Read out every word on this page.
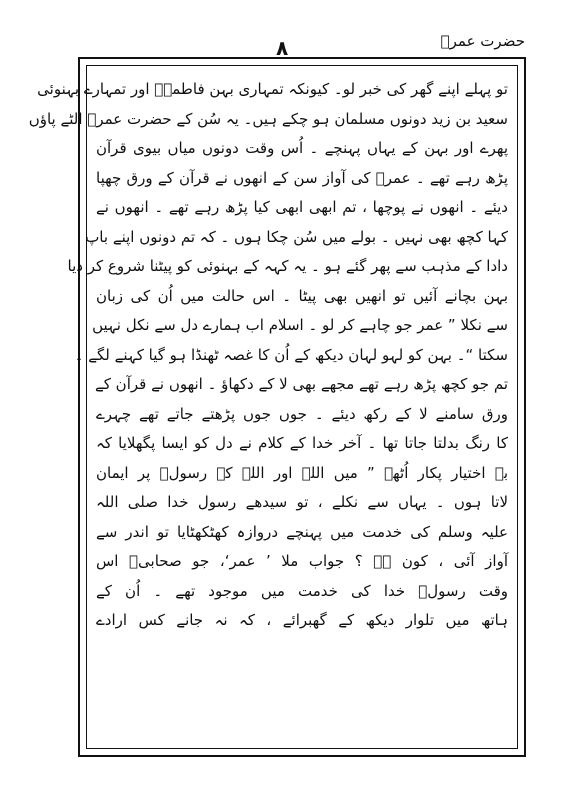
۸	حضرت عمرؓ
تو پہلے اپنے گھر کی خبر لو۔ کیونکہ تمہاری بہن فاطمہؓ اور تمہارے بہنوئی
سعید بن زید دونوں مسلمان ہو چکے ہیں۔ یہ سُن کے حضرت عمرؓ الٹے پاؤں
پھرے اور بہن کے یہاں پہنچے ۔ اُس وقت دونوں میاں بیوی قرآن
پڑھ رہے تھے ۔ عمرؓ کی آواز سن کے انھوں نے قرآن کے ورق چھپا
دیئے ۔ انھوں نے پوچھا ، تم ابھی ابھی کیا پڑھ رہے تھے ۔ انھوں نے
کہا کچھ بھی نہیں ۔ بولے میں سُن چکا ہوں ۔ کہ تم دونوں اپنے باپ
دادا کے مذہب سے پھر گئے ہو ۔ یہ کہہ کے بہنوئی کو پیٹنا شروع کر دیا
بہن بچانے آئیں تو انھیں بھی پیٹا ۔ اس حالت میں اُن کی زبان
سے نکلا ” عمر جو چاہے کر لو ۔ اسلام اب ہمارے دل سے نکل نہیں
سکتا “۔ بہن کو لہو لہان دیکھ کے اُن کا غصہ ٹھنڈا ہو گیا کہنے لگے ۔
تم جو کچھ پڑھ رہے تھے مجھے بھی لا کے دکھاؤ ۔ انھوں نے قرآن کے
ورق سامنے لا کے رکھ دیئے ۔ جوں جوں پڑھتے جاتے تھے چہرے
کا رنگ بدلتا جاتا تھا ۔ آخر خدا کے کلام نے دل کو ایسا پگھلایا کہ
بے اختیار پکار اُٹھے ” میں اللہ اور اللہ کے رسولؐ پر ایمان
لاتا ہوں ۔ یہاں سے نکلے ، تو سیدھے رسول خدا صلی اللہ
علیہ وسلم کی خدمت میں پہنچے دروازہ کھٹکھٹایا تو اندر سے
آواز آئی ، کون ہے ؟ جواب ملا ’ عمر‘، جو صحابیؓ اس
وقت رسولؐ خدا کی خدمت میں موجود تھے ۔ اُن کے
ہاتھ میں تلوار دیکھ کے گھبرائے ، کہ نہ جانے کس ارادے
